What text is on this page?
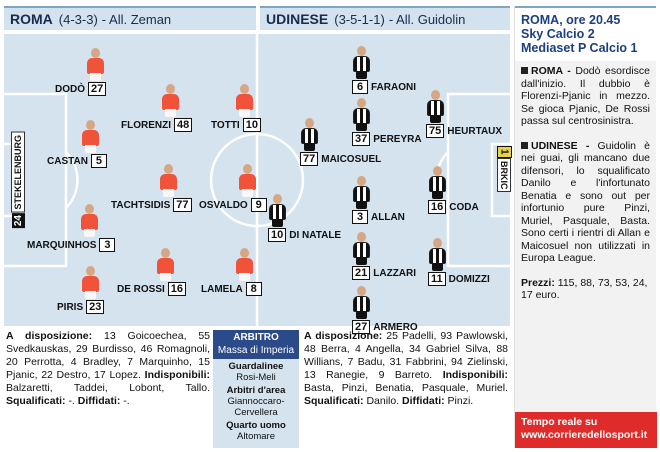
ROMA (4-3-3) - All. Zeman	UDINESE (3-5-1-1) - All. Guidolin
STEKELENBURG
24
1
BRKIC
DODÒ 27
FLORENZI 48	TOTTI 10
CASTAN 5
TACHTSIDIS 77	OSVALDO 9
MARQUINHOS 3
DE ROSSI 16	LAMELA 8
PIRIS 23
6 FARAONI
37 PEREYRA
75 HEURTAUX
77 MAICOSUEL
3 ALLAN
16 CODA
10 DI NATALE
21 LAZZARI 11 DOMIZZI
27 ARMERO
A disposizione: 13 Goicoechea, 55 Svedkauskas, 29 Burdisso, 46 Romagnoli, 20 Perrotta, 4 Bradley, 7 Marquinho, 15 Pjanic, 22 Destro, 17 Lopez. Indisponibili: Balzaretti, Taddei, Lobont, Tallo. Squalificati: -. Diffidati: -.
ARBITRO
Massa di Imperia
Guardalinee
Rosi-Meli
Arbitri d'area
Giannoccaro-Cervellera
Quarto uomo
Altomare
A disposizione: 25 Padelli, 93 Pawlowski, 48 Berra, 4 Angella, 34 Gabriel Silva, 88 Willians, 7 Badu, 31 Fabbrini, 94 Zielinski, 13 Ranegie, 9 Barreto. Indisponibili: Basta, Pinzi, Benatia, Pasquale, Muriel. Squalificati: Danilo. Diffidati: Pinzi.
ROMA, ore 20.45
Sky Calcio 2
Mediaset P Calcio 1
ROMA - Dodò esordisce dall'inizio. Il dubbio è Florenzi-Pjanic in mezzo. Se gioca Pjanic, De Rossi passa sul centrosinistra.
UDINESE - Guidolin è nei guai, gli mancano due difensori, lo squalificato Danilo e l'infortunato Benatia e sono out per infortunio pure Pinzi, Muriel, Pasquale, Basta. Sono certi i rientri di Allan e Maicosuel non utilizzati in Europa League.
Prezzi: 115, 88, 73, 53, 24, 17 euro.
Tempo reale su
www.corrieredellosport.it
